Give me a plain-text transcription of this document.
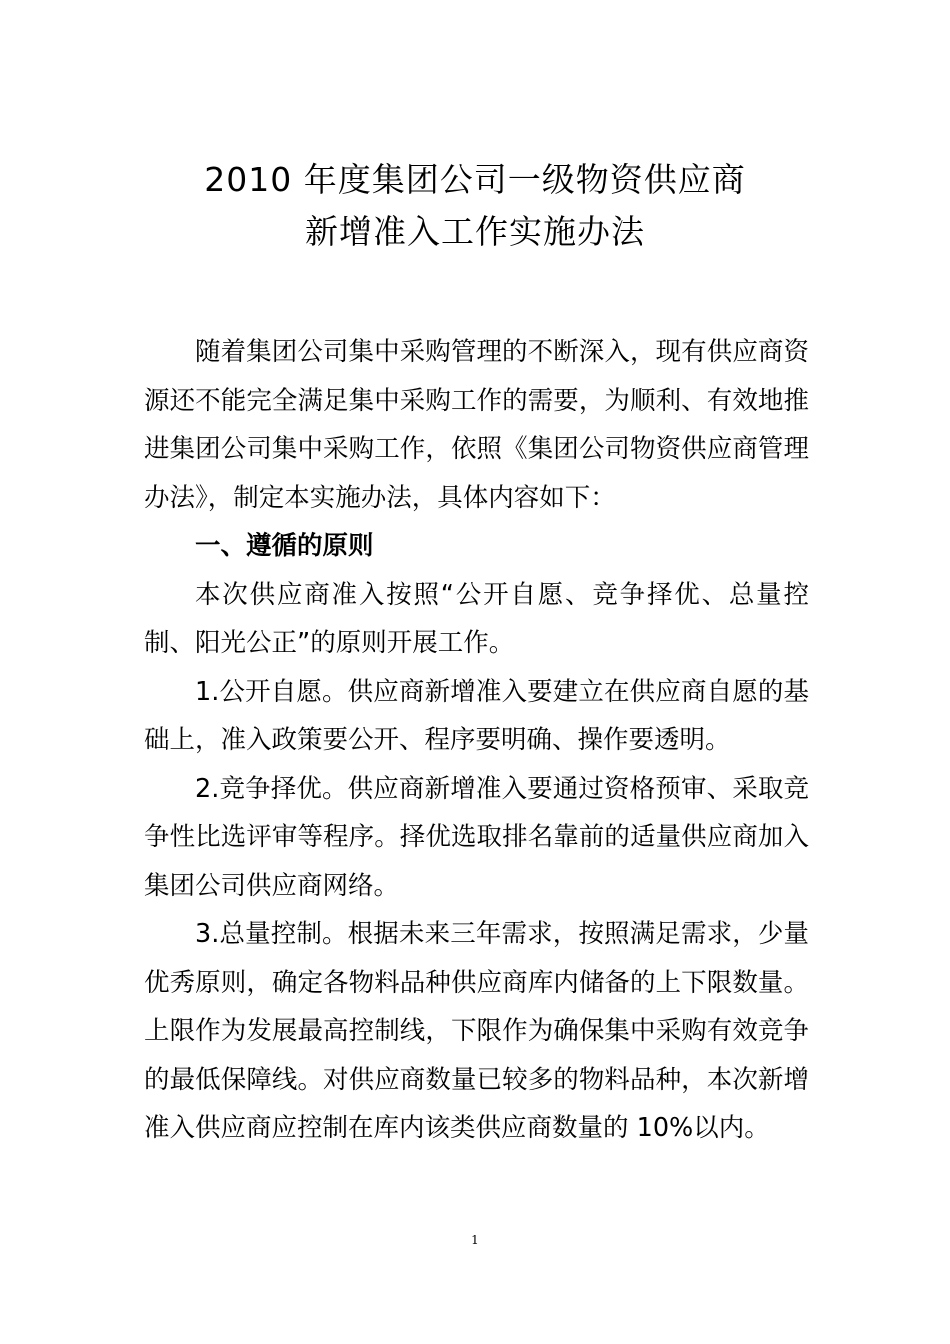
2010 年度集团公司一级物资供应商
新增准入工作实施办法

随着集团公司集中采购管理的不断深入，现有供应商资源还不能完全满足集中采购工作的需要，为顺利、有效地推进集团公司集中采购工作，依照《集团公司物资供应商管理办法》，制定本实施办法，具体内容如下：

一、遵循的原则

本次供应商准入按照“公开自愿、竞争择优、总量控制、阳光公正”的原则开展工作。

1.公开自愿。供应商新增准入要建立在供应商自愿的基础上，准入政策要公开、程序要明确、操作要透明。

2.竞争择优。供应商新增准入要通过资格预审、采取竞争性比选评审等程序。择优选取排名靠前的适量供应商加入集团公司供应商网络。

3.总量控制。根据未来三年需求，按照满足需求，少量优秀原则，确定各物料品种供应商库内储备的上下限数量。上限作为发展最高控制线，下限作为确保集中采购有效竞争的最低保障线。对供应商数量已较多的物料品种，本次新增准入供应商应控制在库内该类供应商数量的 10%以内。

1
